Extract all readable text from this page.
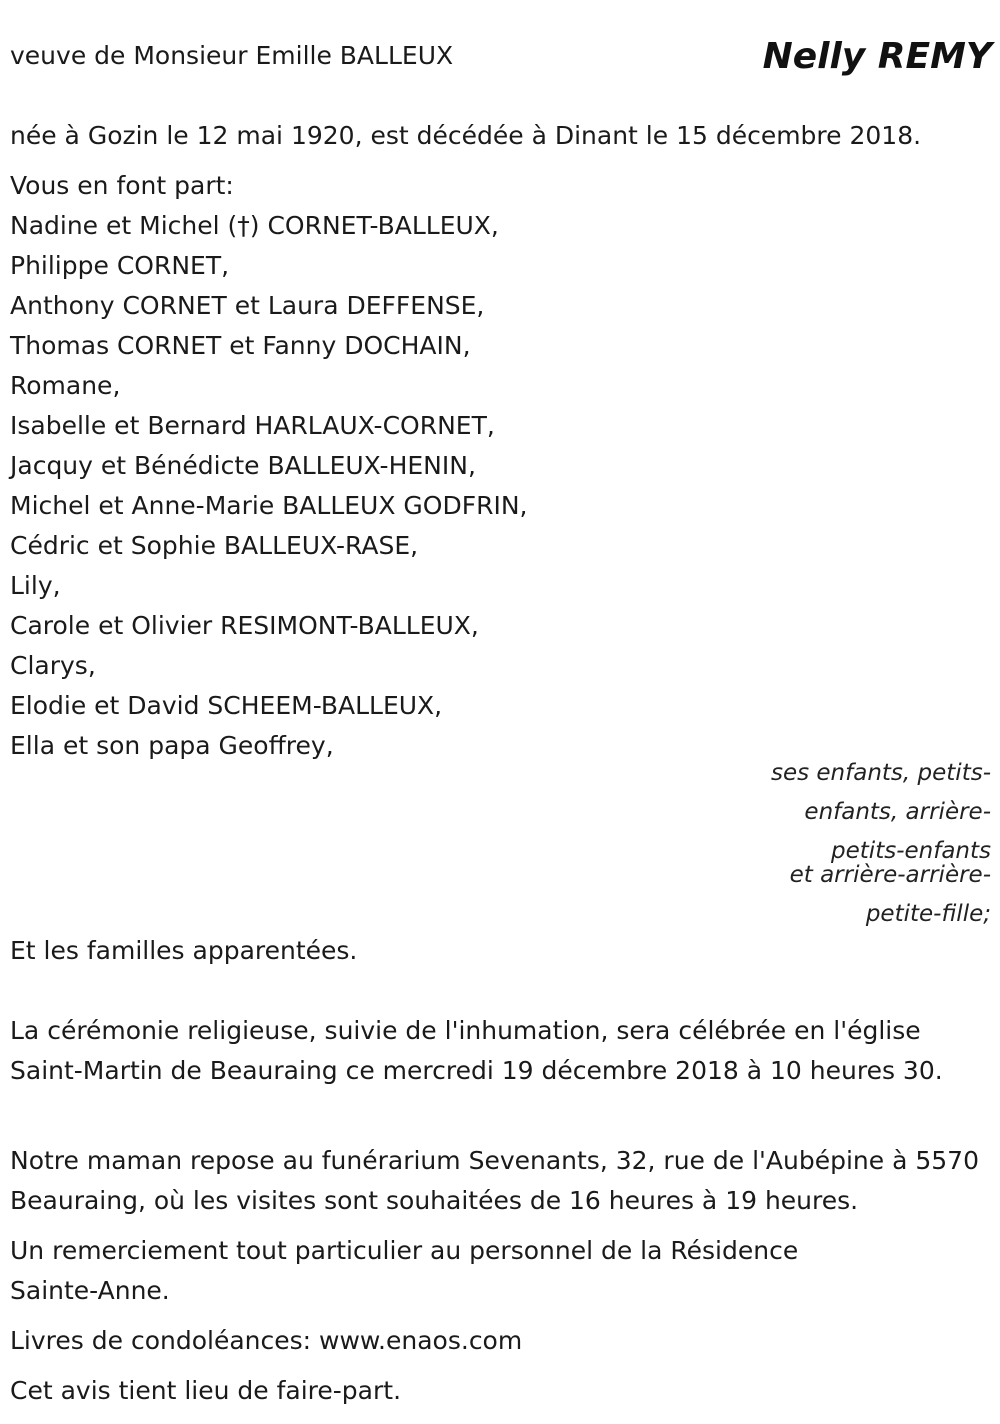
veuve de Monsieur Emille BALLEUX	Nelly REMY
née à Gozin le 12 mai 1920, est décédée à Dinant le 15 décembre 2018.
Vous en font part:
Nadine et Michel (†) CORNET-BALLEUX,
Philippe CORNET,
Anthony CORNET et Laura DEFFENSE,
Thomas CORNET et Fanny DOCHAIN,
Romane,
Isabelle et Bernard HARLAUX-CORNET,
Jacquy et Bénédicte BALLEUX-HENIN,
Michel et Anne-Marie BALLEUX GODFRIN,
Cédric et Sophie BALLEUX-RASE,
Lily,
Carole et Olivier RESIMONT-BALLEUX,
Clarys,
Elodie et David SCHEEM-BALLEUX,
Ella et son papa Geoffrey,
ses enfants, petits-enfants, arrière-petits-enfants
et arrière-arrière-petite-fille;
Et les familles apparentées.
La cérémonie religieuse, suivie de l'inhumation, sera célébrée en l'église Saint-Martin de Beauraing ce mercredi 19 décembre 2018 à 10 heures 30.
Notre maman repose au funérarium Sevenants, 32, rue de l'Aubépine à 5570 Beauraing, où les visites sont souhaitées de 16 heures à 19 heures.
Un remerciement tout particulier au personnel de la Résidence Sainte-Anne.
Livres de condoléances: www.enaos.com
Cet avis tient lieu de faire-part.
